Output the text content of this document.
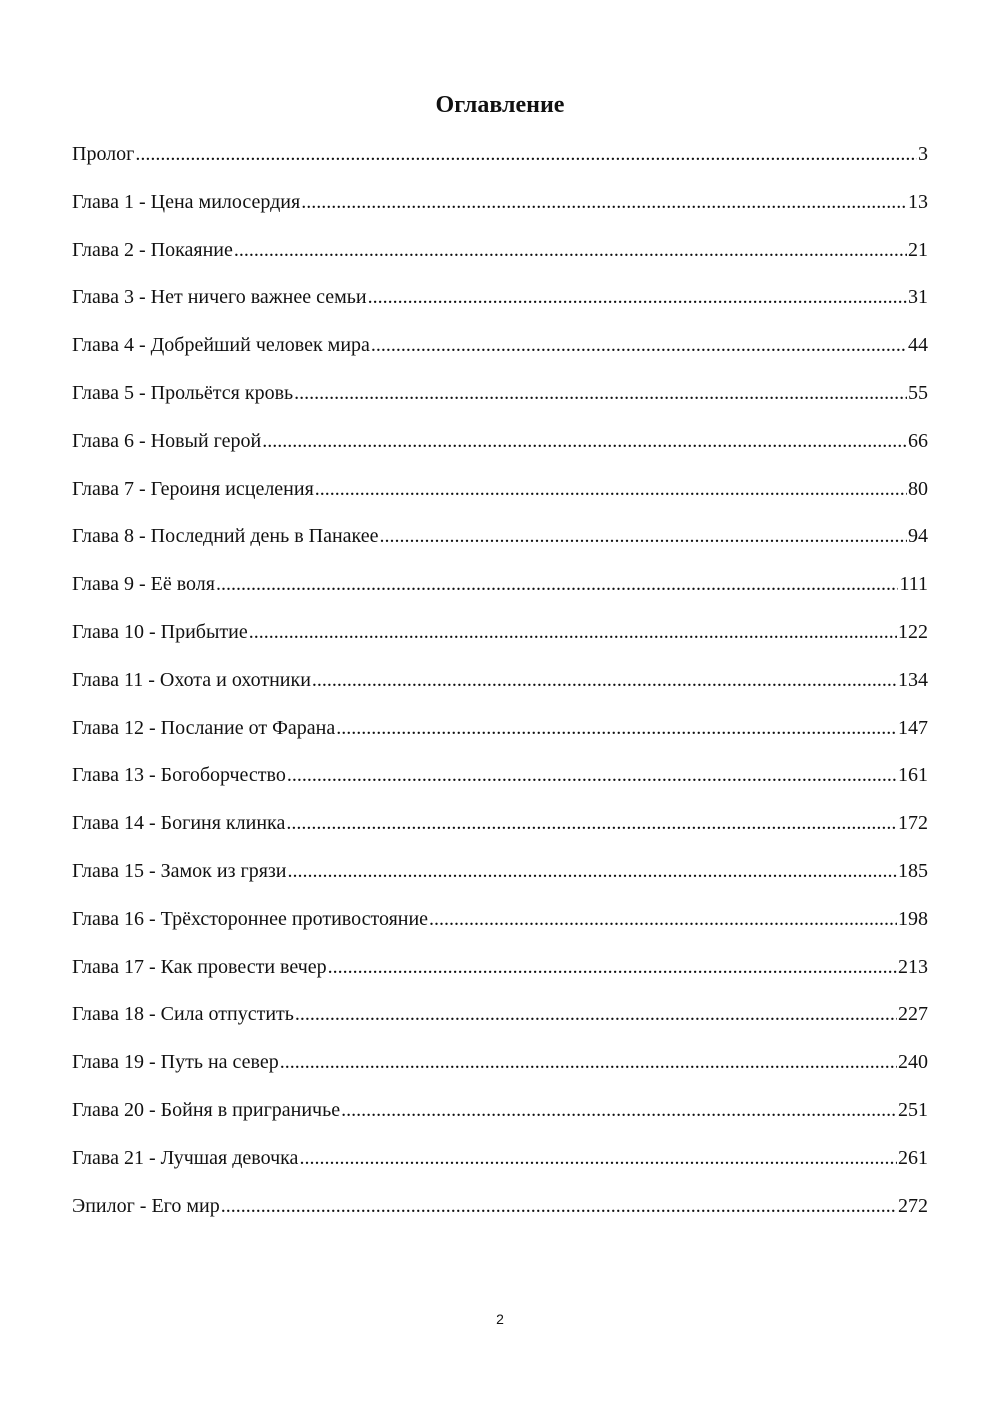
Оглавление
Пролог .....	3
Глава 1 - Цена милосердия .....	13
Глава 2 - Покаяние .....	21
Глава 3 - Нет ничего важнее семьи .....	31
Глава 4 - Добрейший человек мира .....	44
Глава 5 - Прольётся кровь .....	55
Глава 6 - Новый герой .....	66
Глава 7 - Героиня исцеления .....	80
Глава 8 - Последний день в Панакее .....	94
Глава 9 - Её воля .....	111
Глава 10 - Прибытие .....	122
Глава 11 - Охота и охотники .....	134
Глава 12 - Послание от Фарана .....	147
Глава 13 - Богоборчество .....	161
Глава 14 - Богиня клинка .....	172
Глава 15 - Замок из грязи .....	185
Глава 16 - Трёхстороннее противостояние .....	198
Глава 17 - Как провести вечер .....	213
Глава 18 - Сила отпустить .....	227
Глава 19 - Путь на север .....	240
Глава 20 - Бойня в приграничье .....	251
Глава 21 - Лучшая девочка .....	261
Эпилог - Его мир .....	272

2
